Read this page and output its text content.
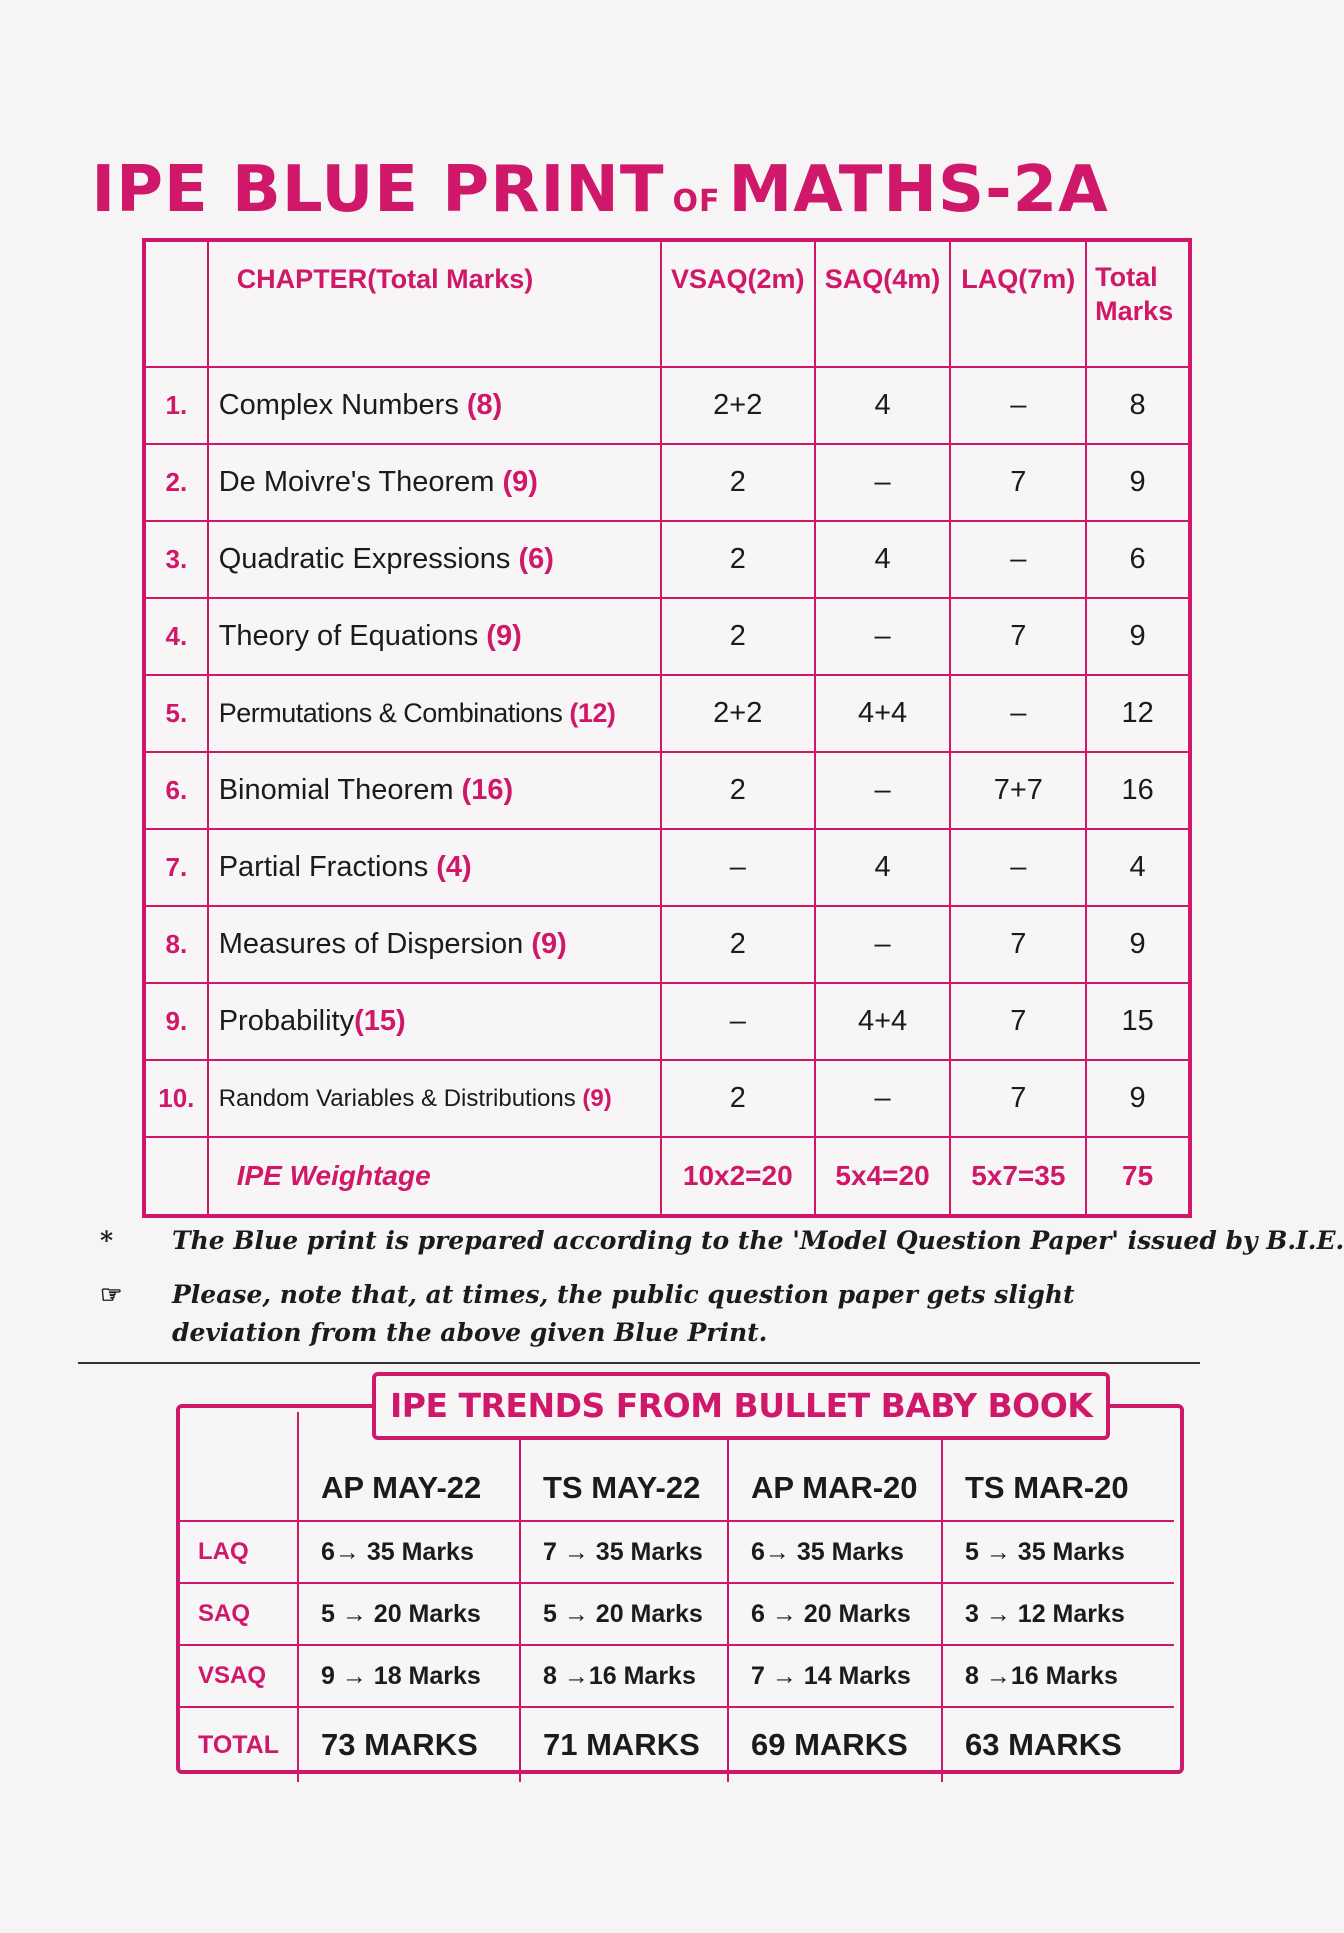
IPE BLUE PRINT OF MATHS-2A
	CHAPTER(Total Marks)	VSAQ(2m)	SAQ(4m)	LAQ(7m)	Total
Marks
1.	Complex Numbers (8)	2+2	4	–	8
2.	De Moivre's Theorem (9)	2	–	7	9
3.	Quadratic Expressions (6)	2	4	–	6
4.	Theory of Equations (9)	2	–	7	9
5.	Permutations & Combinations (12)	2+2	4+4	–	12
6.	Binomial Theorem (16)	2	–	7+7	16
7.	Partial Fractions (4)	–	4	–	4
8.	Measures of Dispersion (9)	2	–	7	9
9.	Probability(15)	–	4+4	7	15
10.	Random Variables & Distributions (9)	2	–	7	9
	IPE Weightage	10x2=20	5x4=20	5x7=35	75
*	The Blue print is prepared according to the 'Model Question Paper' issued by B.I.E.
☞	Please, note that, at times, the public question paper gets slight deviation from the above given Blue Print.
	AP MAY-22	TS MAY-22	AP MAR-20	TS MAR-20
LAQ	6→ 35 Marks	7 → 35 Marks	6→ 35 Marks	5 → 35 Marks
SAQ	5 → 20 Marks	5 → 20 Marks	6 → 20 Marks	3 → 12 Marks
VSAQ	9 → 18 Marks	8 →16 Marks	7 → 14 Marks	8 →16 Marks
TOTAL	73 MARKS	71 MARKS	69 MARKS	63 MARKS
IPE TRENDS FROM BULLET BABY BOOK
